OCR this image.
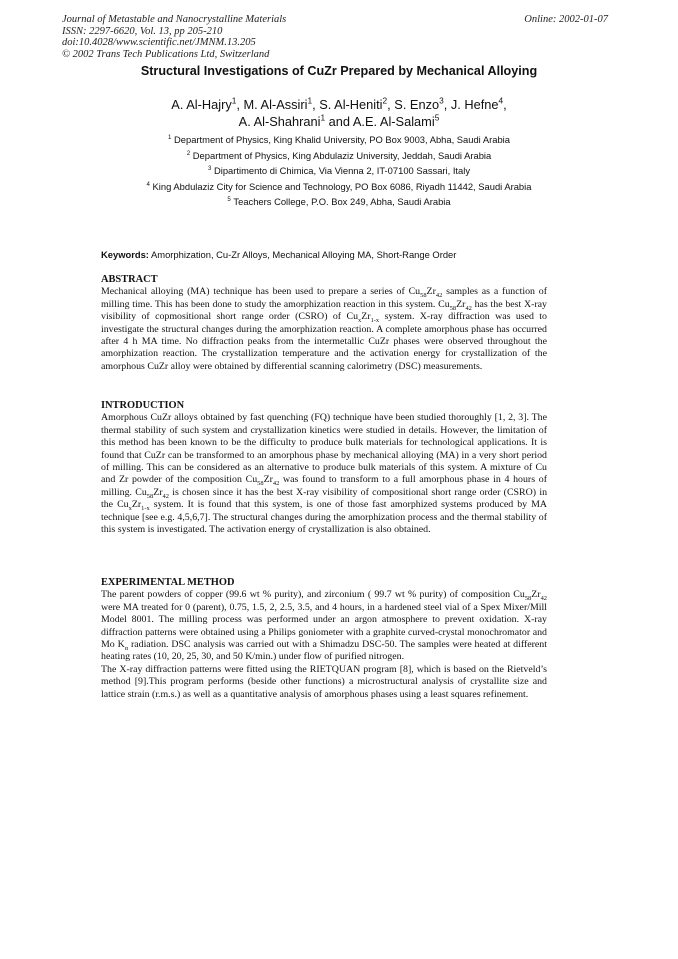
Journal of Metastable and Nanocrystalline Materials
ISSN: 2297-6620, Vol. 13, pp 205-210
doi:10.4028/www.scientific.net/JMNM.13.205
© 2002 Trans Tech Publications Ltd, Switzerland
Online: 2002-01-07
Structural Investigations of CuZr Prepared by Mechanical Alloying
A. Al-Hajry$^1$, M. Al-Assiri$^1$, S. Al-Heniti$^2$, S. Enzo$^3$, J. Hefne$^4$,
A. Al-Shahrani$^1$ and A.E. Al-Salami$^5$
$^1$ Department of Physics, King Khalid University, PO Box 9003, Abha, Saudi Arabia
$^2$ Department of Physics, King Abdulaziz University, Jeddah, Saudi Arabia
$^3$ Dipartimento di Chimica, Via Vienna 2, IT-07100 Sassari, Italy
$^4$ King Abdulaziz City for Science and Technology, PO Box 6086, Riyadh 11442, Saudi Arabia
$^5$ Teachers College, P.O. Box 249, Abha, Saudi Arabia
Keywords: Amorphization, Cu-Zr Alloys, Mechanical Alloying MA, Short-Range Order
ABSTRACT

Mechanical alloying (MA) technique has been used to prepare a series of $Cu_{58}Zr_{42}$ samples as a function of milling time. This has been done to study the amorphization reaction in this system. $Cu_{58}Zr_{42}$ has the best X-ray visibility of copmositional short range order (CSRO) of $Cu_xZr_{1-x}$ system. X-ray diffraction was used to investigate the structural changes during the amorphization reaction. A complete amorphous phase has occurred after 4 h MA time. No diffraction peaks from the intermetallic CuZr phases were observed throughout the amorphization reaction. The crystallization temperature and the activation energy for crystallization of the amorphous CuZr alloy were obtained by differential scanning calorimetry (DSC) measurements.

INTRODUCTION

Amorphous CuZr alloys obtained by fast quenching (FQ) technique have been studied thoroughly [1, 2, 3]. The thermal stability of such system and crystallization kinetics were studied in details. However, the limitation of this method has been known to be the difficulty to produce bulk materials for technological applications. It is found that CuZr can be transformed to an amorphous phase by mechanical alloying (MA) in a very short period of milling. This can be considered as an alternative to produce bulk materials of this system. A mixture of Cu and Zr powder of the composition $Cu_{58}Zr_{42}$ was found to transform to a full amorphous phase in 4 hours of milling. $Cu_{58}Zr_{42}$ is chosen since it has the best X-ray visibility of compositional short range order (CSRO) in the $Cu_xZr_{1-x}$ system. It is found that this system, is one of those fast amorphized systems produced by MA technique [see e.g. 4,5,6,7]. The structural changes during the amorphization process and the thermal stability of this system is investigated. The activation energy of crystallization is also obtained.

EXPERIMENTAL METHOD

The parent powders of copper (99.6 wt % purity), and zirconium ( 99.7 wt % purity) of composition $Cu_{58}Zr_{42}$ were MA treated for 0 (parent), 0.75, 1.5, 2, 2.5, 3.5, and 4 hours, in a hardened steel vial of a Spex Mixer/Mill Model 8001. The milling process was performed under an argon atmosphere to prevent oxidation. X-ray diffraction patterns were obtained using a Philips goniometer with a graphite curved-crystal monochromator and Mo $K_\alpha$ radiation. DSC analysis was carried out with a Shimadzu DSC-50. The samples were heated at different heating rates (10, 20, 25, 30, and 50 K/min.) under flow of purified nitrogen.

The X-ray diffraction patterns were fitted using the RIETQUAN program [8], which is based on the Rietveld’s method [9].This program performs (beside other functions) a microstructural analysis of crystallite size and lattice strain (r.m.s.) as well as a quantitative analysis of amorphous phases using a least squares refinement.
